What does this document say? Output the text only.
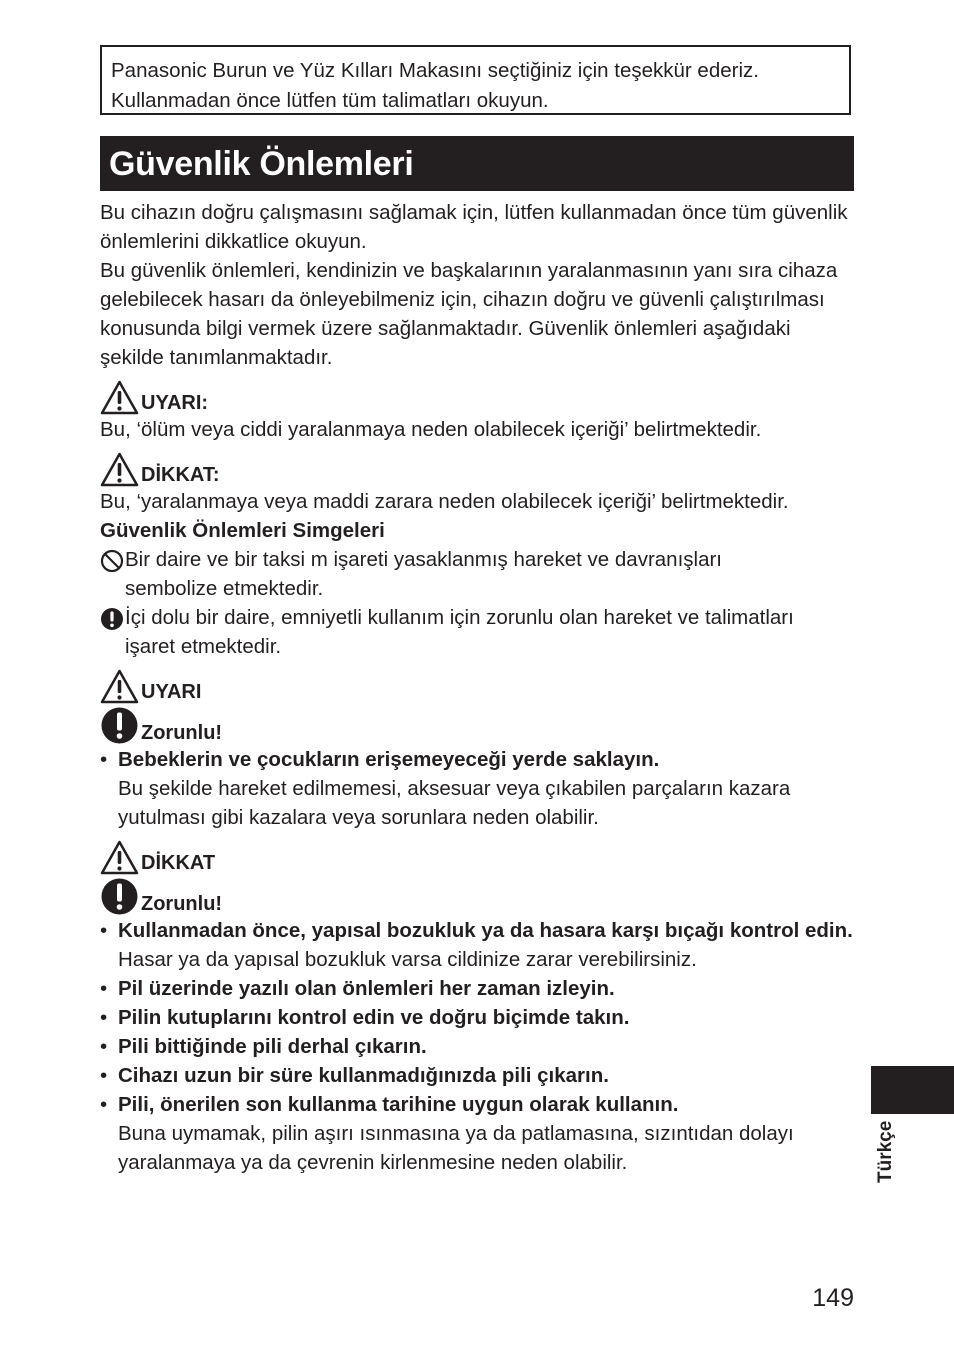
Panasonic Burun ve Yüz Kılları Makasını seçtiğiniz için teşekkür ederiz.
Kullanmadan önce lütfen tüm talimatları okuyun.
Güvenlik Önlemleri

Bu cihazın doğru çalışmasını sağlamak için, lütfen kullanmadan önce tüm güvenlik önlemlerini dikkatlice okuyun.

Bu güvenlik önlemleri, kendinizin ve başkalarının yaralanmasının yanı sıra cihaza gelebilecek hasarı da önleyebilmeniz için, cihazın doğru ve güvenli çalıştırılması konusunda bilgi vermek üzere sağlanmaktadır. Güvenlik önlemleri aşağıdaki şekilde tanımlanmaktadır.

UYARI:

Bu, ‘ölüm veya ciddi yaralanmaya neden olabilecek içeriği’ belirtmektedir.

DİKKAT:

Bu, ‘yaralanmaya veya maddi zarara neden olabilecek içeriği’ belirtmektedir.

Güvenlik Önlemleri Simgeleri

Bir daire ve bir taksi m işareti yasaklanmış hareket ve davranışları
sembolize etmektedir.
İçi dolu bir daire, emniyetli kullanım için zorunlu olan hareket ve talimatları
işaret etmektedir.
UYARI
Zorunlu!
• Bebeklerin ve çocukların erişemeyeceği yerde saklayın.
Bu şekilde hareket edilmemesi, aksesuar veya çıkabilen parçaların kazara yutulması gibi kazalara veya sorunlara neden olabilir.
DİKKAT
Zorunlu!
• Kullanmadan önce, yapısal bozukluk ya da hasara karşı bıçağı kontrol edin.
Hasar ya da yapısal bozukluk varsa cildinize zarar verebilirsiniz.
• Pil üzerinde yazılı olan önlemleri her zaman izleyin.
• Pilin kutuplarını kontrol edin ve doğru biçimde takın.
• Pili bittiğinde pili derhal çıkarın.
• Cihazı uzun bir süre kullanmadığınızda pili çıkarın.
• Pili, önerilen son kullanma tarihine uygun olarak kullanın.
Buna uymamak, pilin aşırı ısınmasına ya da patlamasına, sızıntıdan dolayı yaralanmaya ya da çevrenin kirlenmesine neden olabilir.	Türkçe
149
